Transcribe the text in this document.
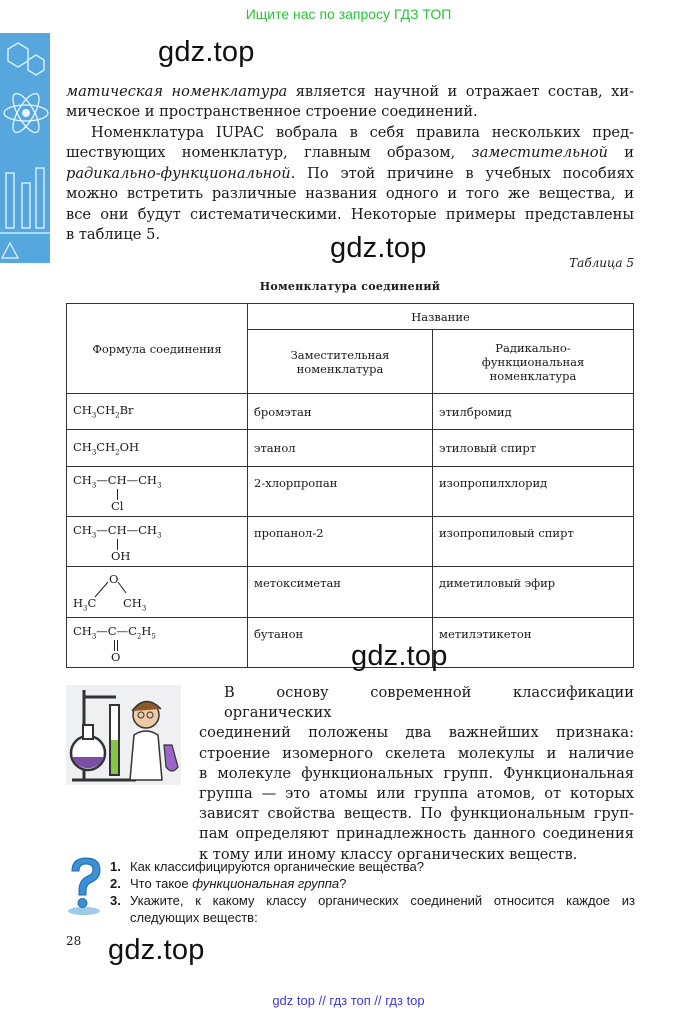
Ищите нас по запросу ГДЗ ТОП
gdz.top

матическая номенклатура является научной и отражает состав, хи-
мическое и пространственное строение соединений.

Номенклатура IUPAC вобрала в себя правила нескольких пред-
шествующих номенклатур, главным образом, заместительной и
радикально-функциональной. По этой причине в учебных пособиях
можно встретить различные названия одного и того же вещества, и
все они будут систематическими. Некоторые примеры представлены
в таблице 5.	gdz.top	Таблица 5
Номенклатура соединений
Формула соединения	Название	
	Заместительная номенклатура	Радикально-функциональная номенклатура
$CH_3CH_2Br$	бромэтан	этилбромид
$CH_3CH_2OH$	этанол	этиловый спирт

$CH_3—CH—CH_3$
Cl	2-хлорпропан	изопропилхлорид

$CH_3—CH—CH_3$
OH	пропанол-2	изопропиловый спирт

O
$H_3C$ $CH_3$	метоксиметан	диметиловый эфир

$CH_3—C—C_2H_5$
O	бутанон	метилэтикетон
gdz.top

В основу современной классификации органических
соединений положены два важнейших признака:
строение изомерного скелета молекулы и наличие
в молекуле функциональных групп. Функциональная
группа — это атомы или группа атомов, от которых
зависят свойства веществ. По функциональным груп-
пам определяют принадлежность данного соединения
к тому или иному классу органических веществ.

1. Как классифицируются органические вещества?
2. Что такое функциональная группа?
3. Укажите, к какому классу органических соединений относится каждое из следующих веществ:
28 gdz.top
gdz top // гдз топ // гдз top
